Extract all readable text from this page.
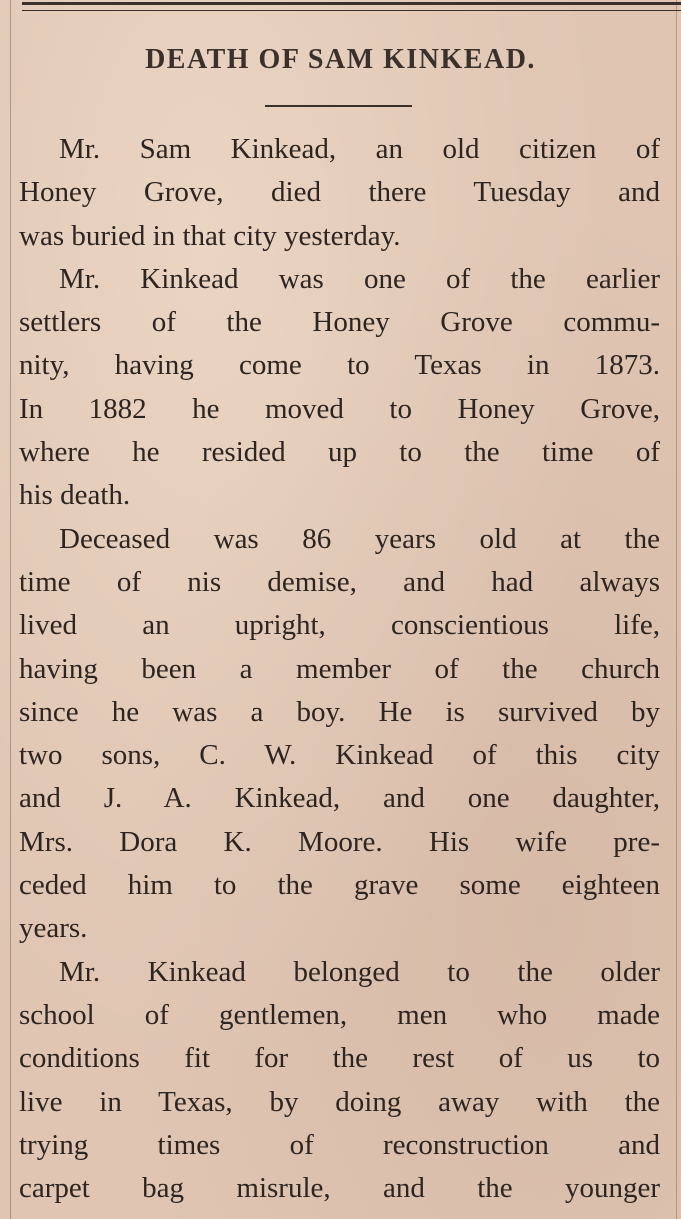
DEATH OF SAM KINKEAD.
Mr. Sam Kinkead, an old citizen of
Honey Grove, died there Tuesday and
was buried in that city yesterday.
Mr. Kinkead was one of the earlier
settlers of the Honey Grove commu-
nity, having come to Texas in 1873.
In 1882 he moved to Honey Grove,
where he resided up to the time of
his death.
Deceased was 86 years old at the
time of nis demise, and had always
lived an upright, conscientious life,
having been a member of the church
since he was a boy. He is survived by
two sons, C. W. Kinkead of this city
and J. A. Kinkead, and one daughter,
Mrs. Dora K. Moore. His wife pre-
ceded him to the grave some eighteen
years.
Mr. Kinkead belonged to the older
school of gentlemen, men who made
conditions fit for the rest of us to
live in Texas, by doing away with the
trying times of reconstruction and
carpet bag misrule, and the younger
